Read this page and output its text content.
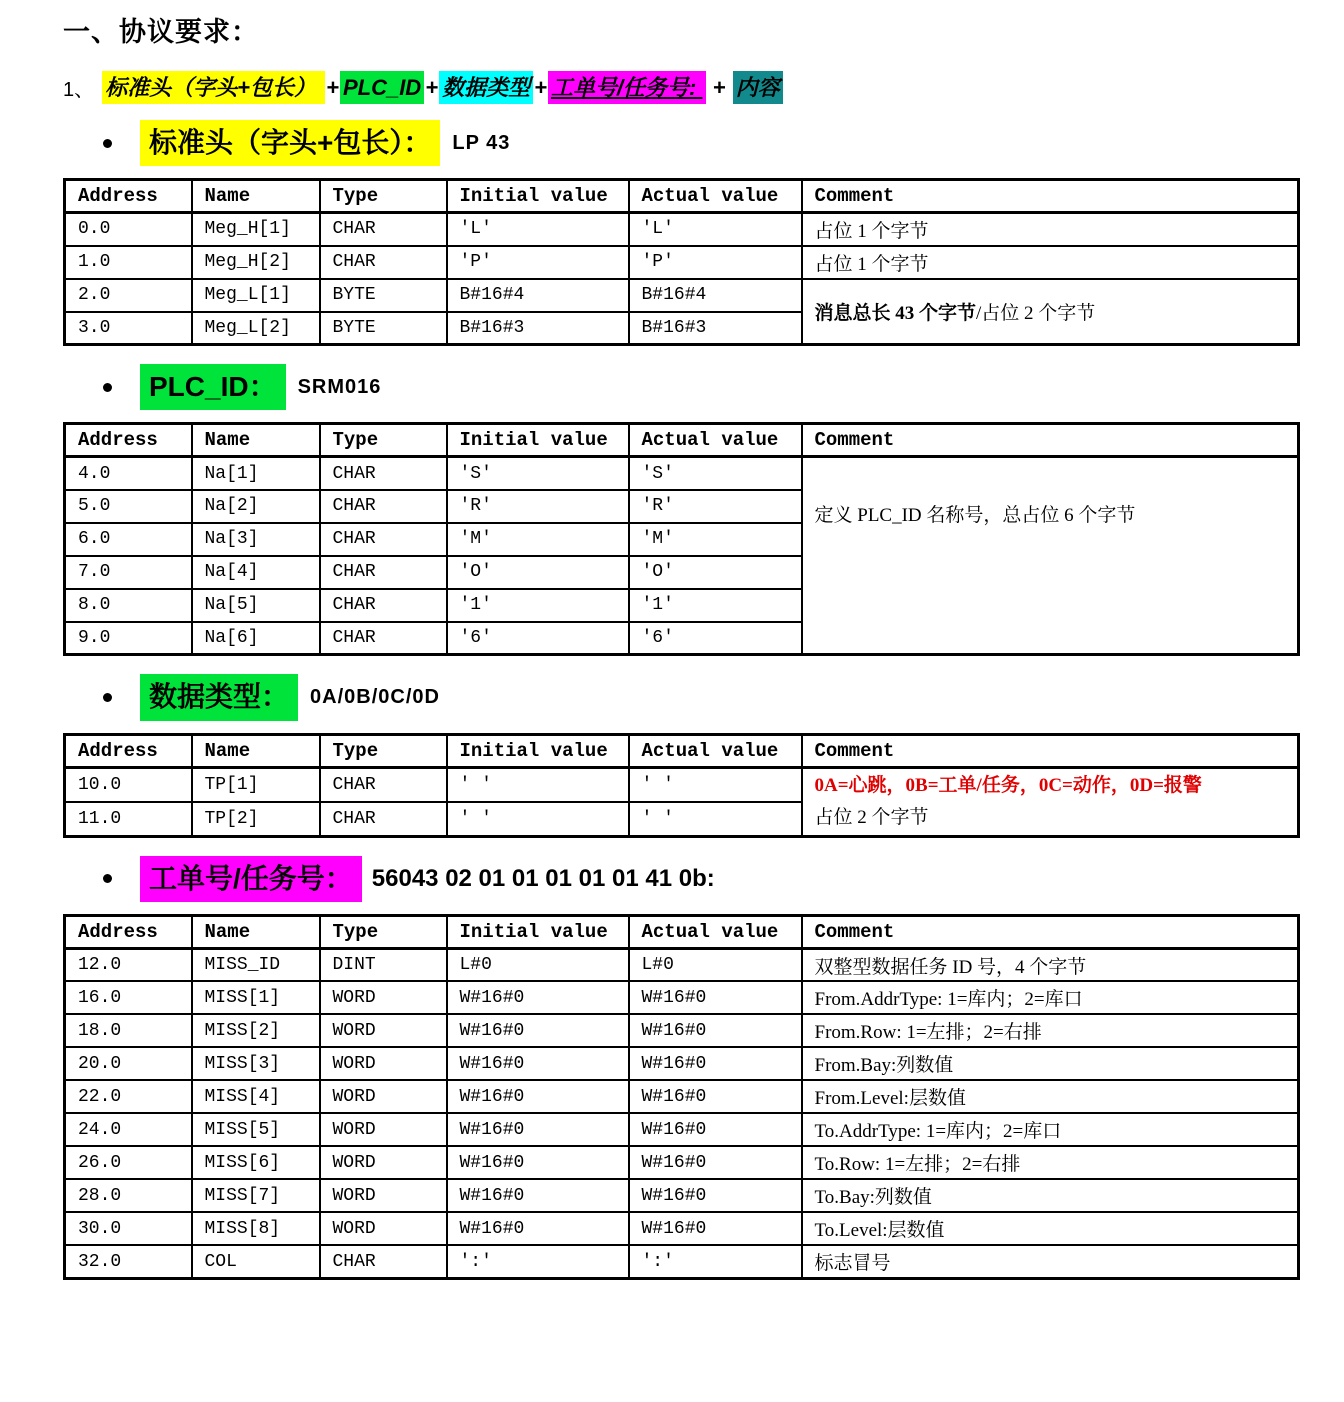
一、协议要求：
1、 标准头（字头+包长） + PLC_ID + 数据类型 + 工单号/任务号:  + 内容
标准头（字头+包长）：	LP 43
Address	Name	Type	Initial value	Actual value	Comment
0.0	Meg_H[1]	CHAR	'L'	'L'	占位 1 个字节
1.0	Meg_H[2]	CHAR	'P'	'P'	占位 1 个字节
2.0	Meg_L[1]	BYTE	B#16#4	B#16#4	消息总长 43 个字节/占位 2 个字节
3.0	Meg_L[2]	BYTE	B#16#3	B#16#3	
PLC_ID：	SRM016
Address	Name	Type	Initial value	Actual value	Comment
4.0	Na[1]	CHAR	'S'	'S'	定义 PLC_ID 名称号，总占位 6 个字节
5.0	Na[2]	CHAR	'R'	'R'	
6.0	Na[3]	CHAR	'M'	'M'	
7.0	Na[4]	CHAR	'O'	'O'	
8.0	Na[5]	CHAR	'1'	'1'	
9.0	Na[6]	CHAR	'6'	'6'	
数据类型：	0A/0B/0C/0D
Address	Name	Type	Initial value	Actual value	Comment
10.0	TP[1]	CHAR	' '	' '	0A=心跳，0B=工单/任务，0C=动作，0D=报警
占位 2 个字节

11.0	TP[2]	CHAR	' '	' '	
工单号/任务号： 56043 02 01 01 01 01 01 41 0b:
Address	Name	Type	Initial value	Actual value	Comment
12.0	MISS_ID	DINT	L#0	L#0	双整型数据任务 ID 号，4 个字节
16.0	MISS[1]	WORD	W#16#0	W#16#0	From.AddrType: 1=库内；2=库口
18.0	MISS[2]	WORD	W#16#0	W#16#0	From.Row: 1=左排；2=右排
20.0	MISS[3]	WORD	W#16#0	W#16#0	From.Bay:列数值
22.0	MISS[4]	WORD	W#16#0	W#16#0	From.Level:层数值
24.0	MISS[5]	WORD	W#16#0	W#16#0	To.AddrType: 1=库内；2=库口
26.0	MISS[6]	WORD	W#16#0	W#16#0	To.Row: 1=左排；2=右排
28.0	MISS[7]	WORD	W#16#0	W#16#0	To.Bay:列数值
30.0	MISS[8]	WORD	W#16#0	W#16#0	To.Level:层数值
32.0	COL	CHAR	':'	':'	标志冒号
